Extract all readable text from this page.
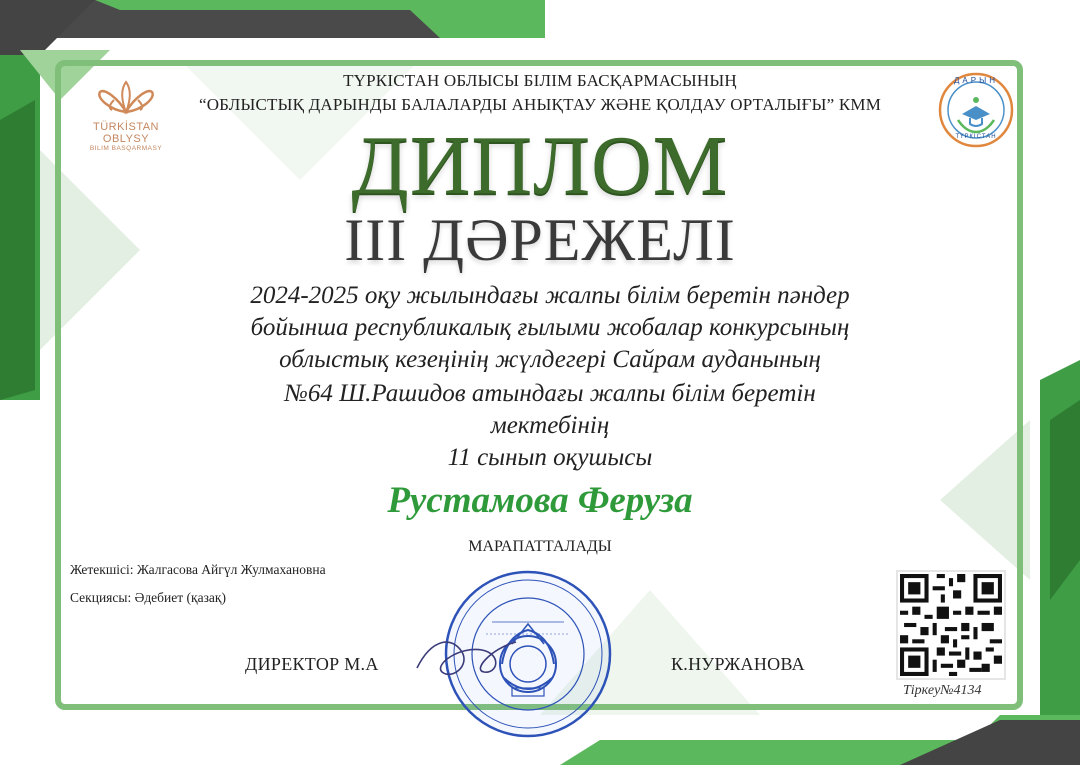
TÜRKİSTAN OBLYSY
BILIM BASQARMASY
ДАРЫН
ТҮРКІСТАН
ТҮРКІСТАН ОБЛЫСЫ БІЛІМ БАСҚАРМАСЫНЫҢ
“ОБЛЫСТЫҚ ДАРЫНДЫ БАЛАЛАРДЫ АНЫҚТАУ ЖӘНЕ ҚОЛДАУ ОРТАЛЫҒЫ” КММ
ДИПЛОМ
ІІІ ДӘРЕЖЕЛІ
2024-2025 оқу жылындағы жалпы білім беретін пәндер
бойынша республикалық ғылыми жобалар конкурсының
облыстық кезеңінің жүлдегері Сайрам ауданының
№64 Ш.Рашидов атындағы жалпы білім беретін
мектебінің
11 сынып оқушысы
Рустамова Феруза
МАРАПАТТАЛАДЫ
Жетекшісі: Жалгасова Айгүл Жулмахановна
Секциясы: Әдебиет (қазақ)
ДИРЕКТОР М.А	К.НУРЖАНОВА
Тіркеу№4134
